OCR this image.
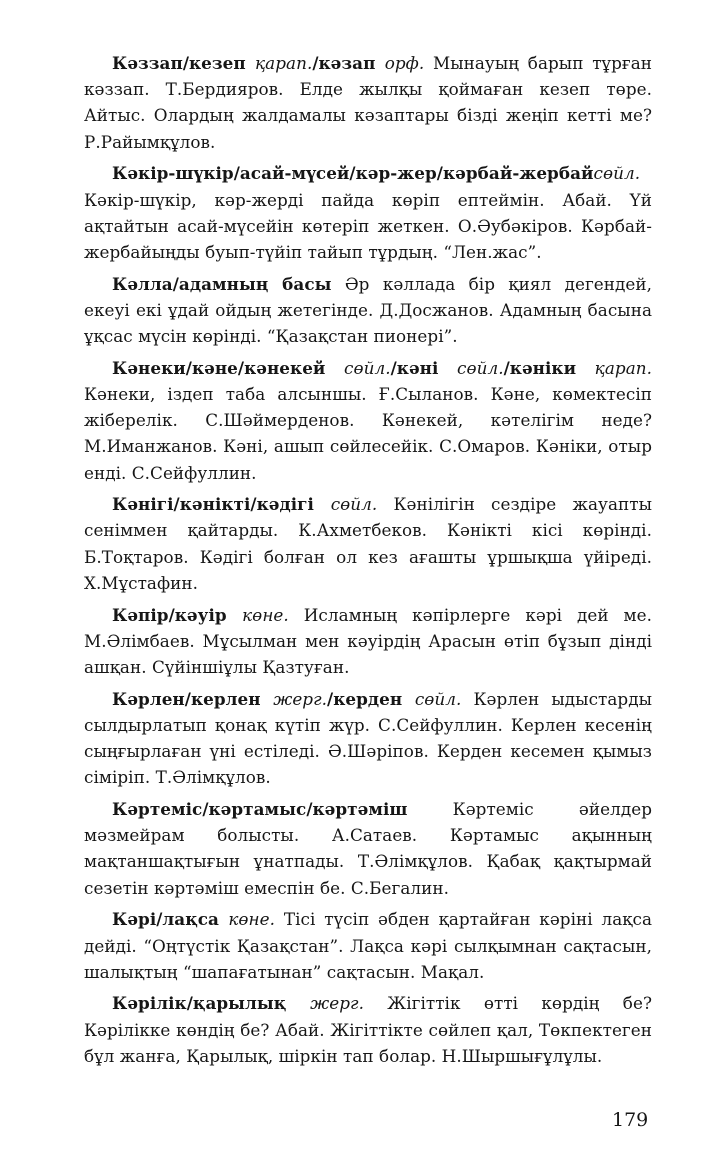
Кәззап/кезеп қарап./кәзап орф. Мынауың барып тұрған кәззап. Т.Бердияров. Елде жылқы қоймаған кезеп төре. Айтыс. Олардың жалдамалы кәзаптары бізді жеңіп кетті ме? Р.Райымқұлов.

Кәкір-шүкір/асай-мүсей/кәр-жер/кәрбай-жербайсөйл. Кәкір-шүкір, кәр-жерді пайда көріп ептеймін. Абай. Үй ақтайтын асай-мүсейін көтеріп жеткен. О.Әубәкіров. Кәрбай-жербайыңды буып-түйіп тайып тұрдың. “Лен.жас”.

Кәлла/адамның басы Әр кәллада бір қиял дегендей, екеуі екі ұдай ойдың жетегінде. Д.Досжанов. Адамның басына ұқсас мүсін көрінді. “Қазақстан пионері”.

Кәнеки/кәне/кәнекей сөйл./кәні сөйл./кәніки қарап. Кәнеки, іздеп таба алсыншы. Ғ.Сыланов. Кәне, көмектесіп жіберелік. С.Шәймерденов. Кәнекей, кәтелігім неде? М.Иманжанов. Кәні, ашып сөйлесейік. С.Омаров. Кәніки, отыр енді. С.Сейфуллин.

Кәнігі/кәнікті/кәдігі сөйл. Кәнілігін сездіре жауапты сеніммен қайтарды. К.Ахметбеков. Кәнікті кісі көрінді. Б.Тоқтаров. Кәдігі болған ол кез ағашты ұршықша үйіреді. Х.Мұстафин.

Кәпір/кәуір көне. Исламның кәпірлерге кәрі дей ме. М.Әлімбаев. Мұсылман мен кәуірдің Арасын өтіп бұзып дінді ашқан. Сүйіншіұлы Қазтуған.

Кәрлен/керлен жерг./керден сөйл. Кәрлен ыдыстарды сылдырлатып қонақ күтіп жүр. С.Сейфуллин. Керлен кесенің сыңғырлаған үні естіледі. Ә.Шәріпов. Керден кесемен қымыз сіміріп. Т.Әлімқұлов.

Кәртеміс/кәртамыс/кәртәміш Кәртеміс әйелдер мәзмейрам болысты. А.Сатаев. Кәртамыс ақынның мақтаншақтығын ұнатпады. Т.Әлімқұлов. Қабақ қақтырмай сезетін кәртәміш емеспін бе. С.Бегалин.

Кәрі/лақса көне. Тісі түсіп әбден қартайған кәріні лақса дейді. “Оңтүстік Қазақстан”. Лақса кәрі сылқымнан сақтасын, шалықтың “шапағатынан” сақтасын. Мақал.

Кәрілік/қарылық жерг. Жігіттік өтті көрдің бе? Кәрілікке көндің бе? Абай. Жігіттікте сөйлеп қал, Төкпектеген бұл жанға, Қарылық, шіркін тап болар. Н.Шыршығұлұлы.

179
